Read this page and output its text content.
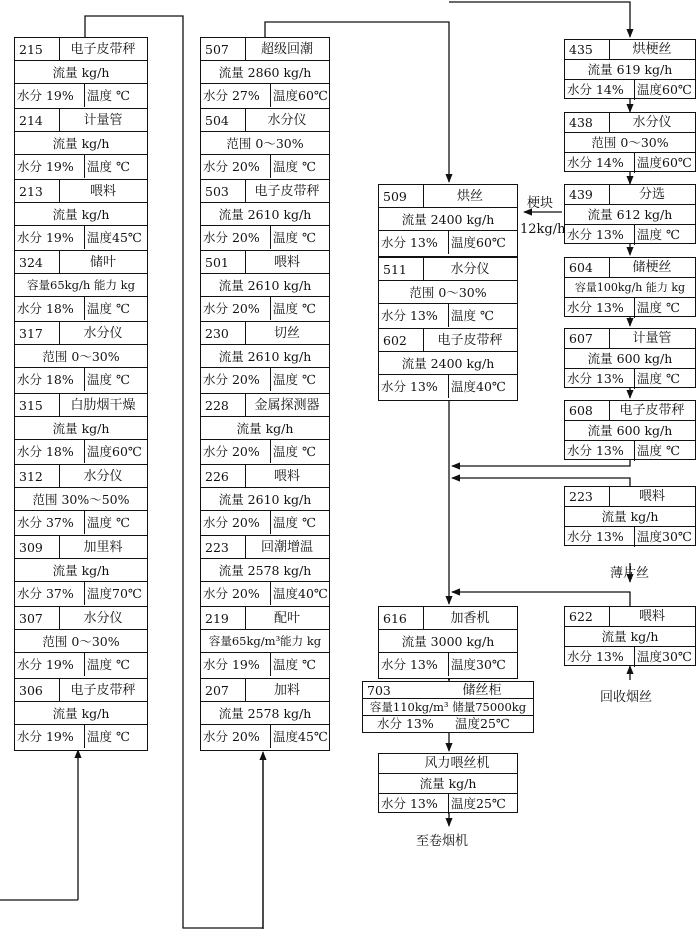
215	电子皮带秤
流量 kg/h
水分 19% 温度 ℃
214	计量管
流量 kg/h
水分 19% 温度 ℃
213	喂料
流量 kg/h
水分 19% 温度45℃
324	储叶
容量65kg/h 能力 kg
水分 18% 温度 ℃
317	水分仪
范围 0～30%
水分 18% 温度 ℃
315	白肋烟干燥
流量 kg/h
水分 18% 温度60℃
312	水分仪
范围 30%～50%
水分 37% 温度 ℃
309	加里料
流量 kg/h
水分 37% 温度70℃
307	水分仪
范围 0～30%
水分 19% 温度 ℃
306	电子皮带秤
流量 kg/h
水分 19% 温度 ℃
507	超级回潮
流量 2860 kg/h
水分 27% 温度60℃
504	水分仪
范围 0～30%
水分 20% 温度 ℃
503	电子皮带秤
流量 2610 kg/h
水分 20% 温度 ℃
501	喂料
流量 2610 kg/h
水分 20% 温度 ℃
230	切丝
流量 2610 kg/h
水分 20% 温度 ℃
228	金属探测器
流量 kg/h
水分 20% 温度 ℃
226	喂料
流量 2610 kg/h
水分 20% 温度 ℃
223	回潮增温
流量 2578 kg/h
水分 20% 温度40℃
219	配叶
容量65kg/m³能力 kg
水分 19% 温度 ℃
207	加料
流量 2578 kg/h
水分 20% 温度45℃
509	烘丝
流量 2400 kg/h
水分 13% 温度60℃
511	水分仪
范围 0～30%
水分 13% 温度 ℃
602	电子皮带秤
流量 2400 kg/h
水分 13% 温度40℃
616	加香机
流量 3000 kg/h
水分 13% 温度30℃
703	储丝柜
容量110kg/m³ 储量75000kg
水分 13% 温度25℃
风力喂丝机
流量 kg/h
水分 13% 温度25℃
435	烘梗丝
流量 619 kg/h
水分 14% 温度60℃
438	水分仪
范围 0～30%
水分 14% 温度60℃
439	分选
流量 612 kg/h
水分 13% 温度 ℃
604	储梗丝
容量100kg/h 能力 kg
水分 13% 温度 ℃
607	计量管
流量 600 kg/h
水分 13% 温度 ℃
608	电子皮带秤
流量 600 kg/h
水分 13% 温度 ℃
223	喂料
流量 kg/h
水分 13% 温度30℃
622	喂料
流量 kg/h
水分 13% 温度30℃
梗块
12kg/h
薄片丝
回收烟丝
至卷烟机
